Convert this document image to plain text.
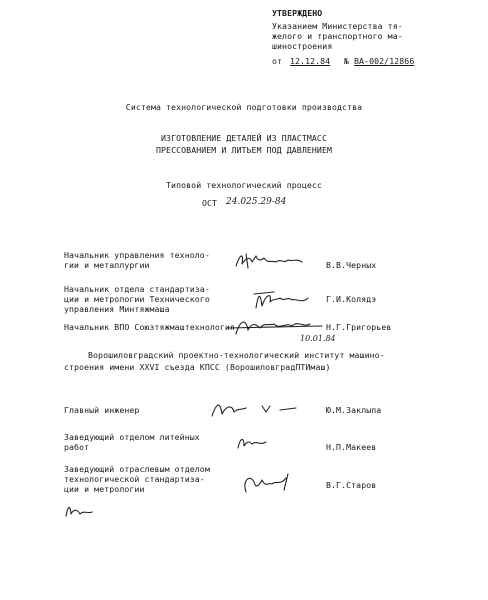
УТВЕРЖДЕНО
Указанием Министерства тя-
желого и транспортного ма-
шиностроения
от 12.12.84 № ВА-002/12866
Система технологической подготовки производства
ИЗГОТОВЛЕНИЕ ДЕТАЛЕЙ ИЗ ПЛАСТМАСС
ПРЕССОВАНИЕМ И ЛИТЬЕМ ПОД ДАВЛЕНИЕМ
Типовой технологический процесс
ОСТ 24.025.29-84
Начальник управления техноло-
гии и металлургии	В.В.Черных
Начальник отдела стандартиза-
ции и метрологии Технического
управления Минтяжмаша
Г.И.Колядэ
Начальник ВПО Союзтяжмаштехнология	Н.Г.Григорьев
10.01.84
Ворошиловградский проектно-технологический институт машино-
строения имени XXVI съезда КПСС (ВорошиловградПТИмаш)
Главный инженер	Ю.М.Заклыпа
Заведующий отделом литейных
работ	Н.П.Макеев
Заведующий отраслевым отделом
технологической стандартиза-
ции и метрологии	В.Г.Старов
